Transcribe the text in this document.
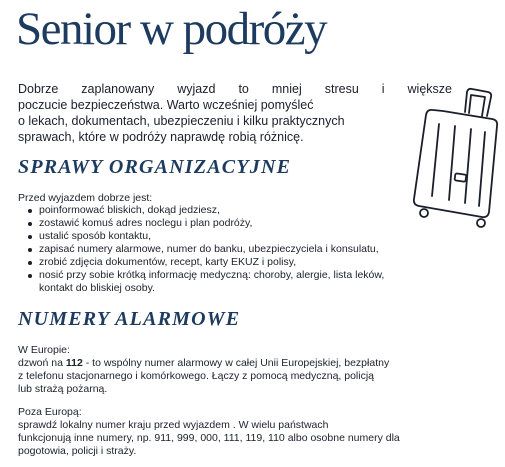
Senior w podróży

Dobrze zaplanowany wyjazd to mniej stresu i większe
poczucie bezpieczeństwa. Warto wcześniej pomyśleć
o lekach, dokumentach, ubezpieczeniu i kilku praktycznych
sprawach, które w podróży naprawdę robią różnicę.

SPRAWY ORGANIZACYJNE

Przed wyjazdem dobrze jest:

poinformować bliskich, dokąd jedziesz,
zostawić komuś adres noclegu i plan podróży,
ustalić sposób kontaktu,
zapisać numery alarmowe, numer do banku, ubezpieczyciela i konsulatu,
zrobić zdjęcia dokumentów, recept, karty EKUZ i polisy,
nosić przy sobie krótką informację medyczną: choroby, alergie, lista leków,
kontakt do bliskiej osoby.
NUMERY ALARMOWE

W Europie:
dzwoń na 112 - to wspólny numer alarmowy w całej Unii Europejskiej, bezpłatny
z telefonu stacjonarnego i komórkowego. Łączy z pomocą medyczną, policją
lub strażą pożarną.

Poza Europą:
sprawdź lokalny numer kraju przed wyjazdem . W wielu państwach
funkcjonują inne numery, np. 911, 999, 000, 111, 119, 110 albo osobne numery dla
pogotowia, policji i straży.
